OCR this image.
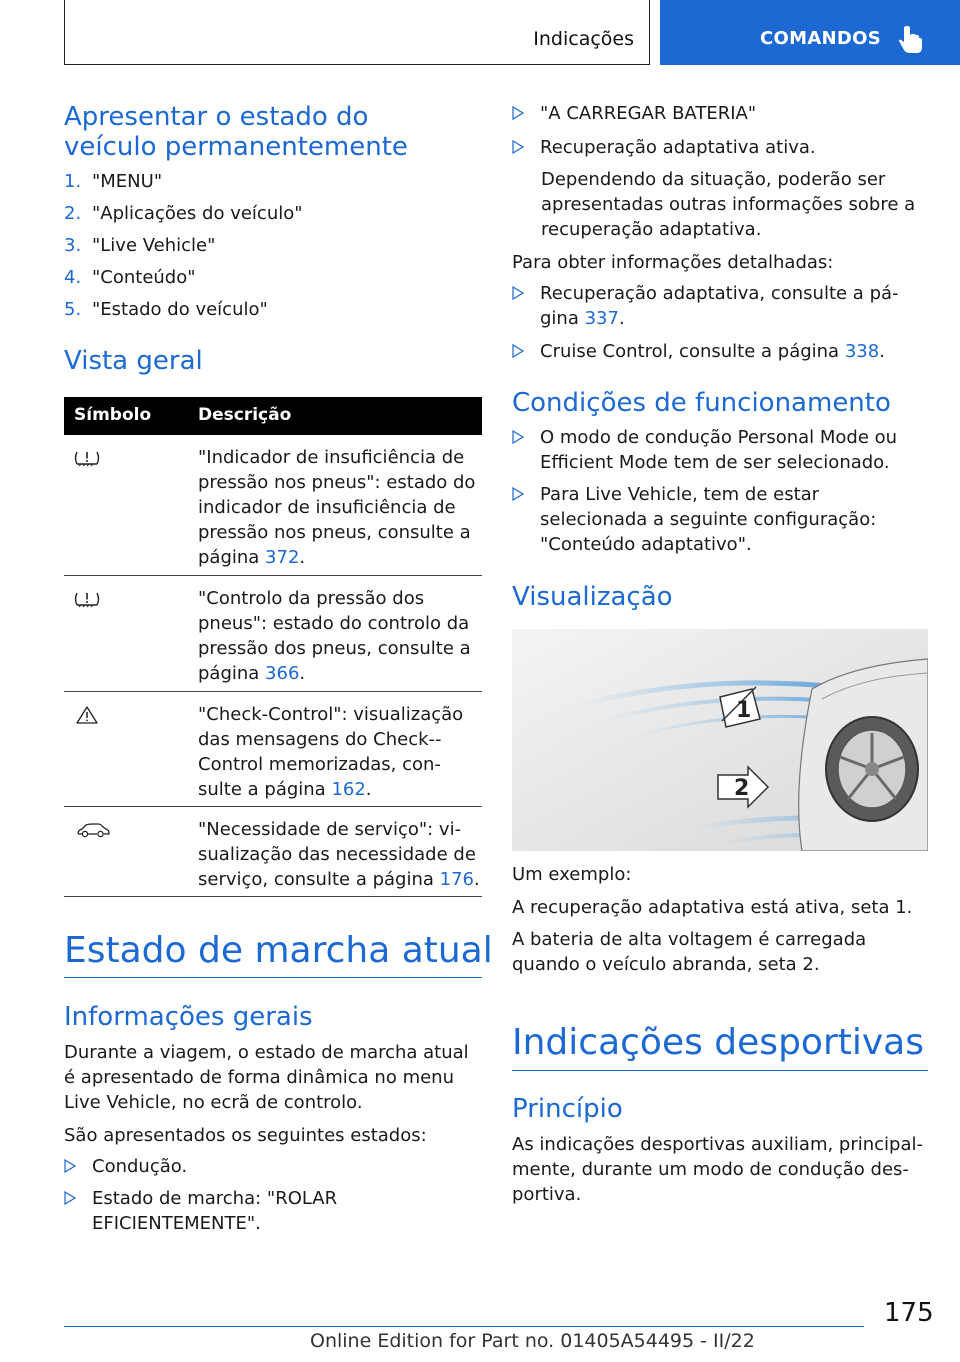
Indicações	COMANDOS
Apresentar o estado do veículo permanentemente
1. "MENU"
2. "Aplicações do veículo"
3. "Live Vehicle"
4. "Conteúdo"
5. "Estado do veículo"
Vista geral
Símbolo	Descrição
"Indicador de insuficiência de pressão nos pneus": estado do indicador de insuficiência de pressão nos pneus, consulte a página 372.
"Controlo da pressão dos pneus": estado do controlo da pressão dos pneus, consulte a página 366.
"Check-Control": visualização das mensagens do Check--Control memorizadas, con-sulte a página 162.
"Necessidade de serviço": vi-sualização das necessidade de serviço, consulte a página 176.
Estado de marcha atual
Informações gerais
Durante a viagem, o estado de marcha atual é apresentado de forma dinâmica no menu Live Vehicle, no ecrã de controlo.
São apresentados os seguintes estados:
Condução.
Estado de marcha: "ROLAR EFICIENTEMENTE".
"A CARREGAR BATERIA"
Recuperação adaptativa ativa.
Dependendo da situação, poderão ser apresentadas outras informações sobre a recuperação adaptativa.
Para obter informações detalhadas:
Recuperação adaptativa, consulte a pá-gina 337.
Cruise Control, consulte a página 338.
Condições de funcionamento
O modo de condução Personal Mode ou Efficient Mode tem de ser selecionado.
Para Live Vehicle, tem de estar selecionada a seguinte configuração: "Conteúdo adaptativo".
Visualização
1
2
Um exemplo:
A recuperação adaptativa está ativa, seta 1.
A bateria de alta voltagem é carregada quando o veículo abranda, seta 2.
Indicações desportivas
Princípio
As indicações desportivas auxiliam, principal-mente, durante um modo de condução des-portiva.
175
Online Edition for Part no. 01405A54495 - II/22
